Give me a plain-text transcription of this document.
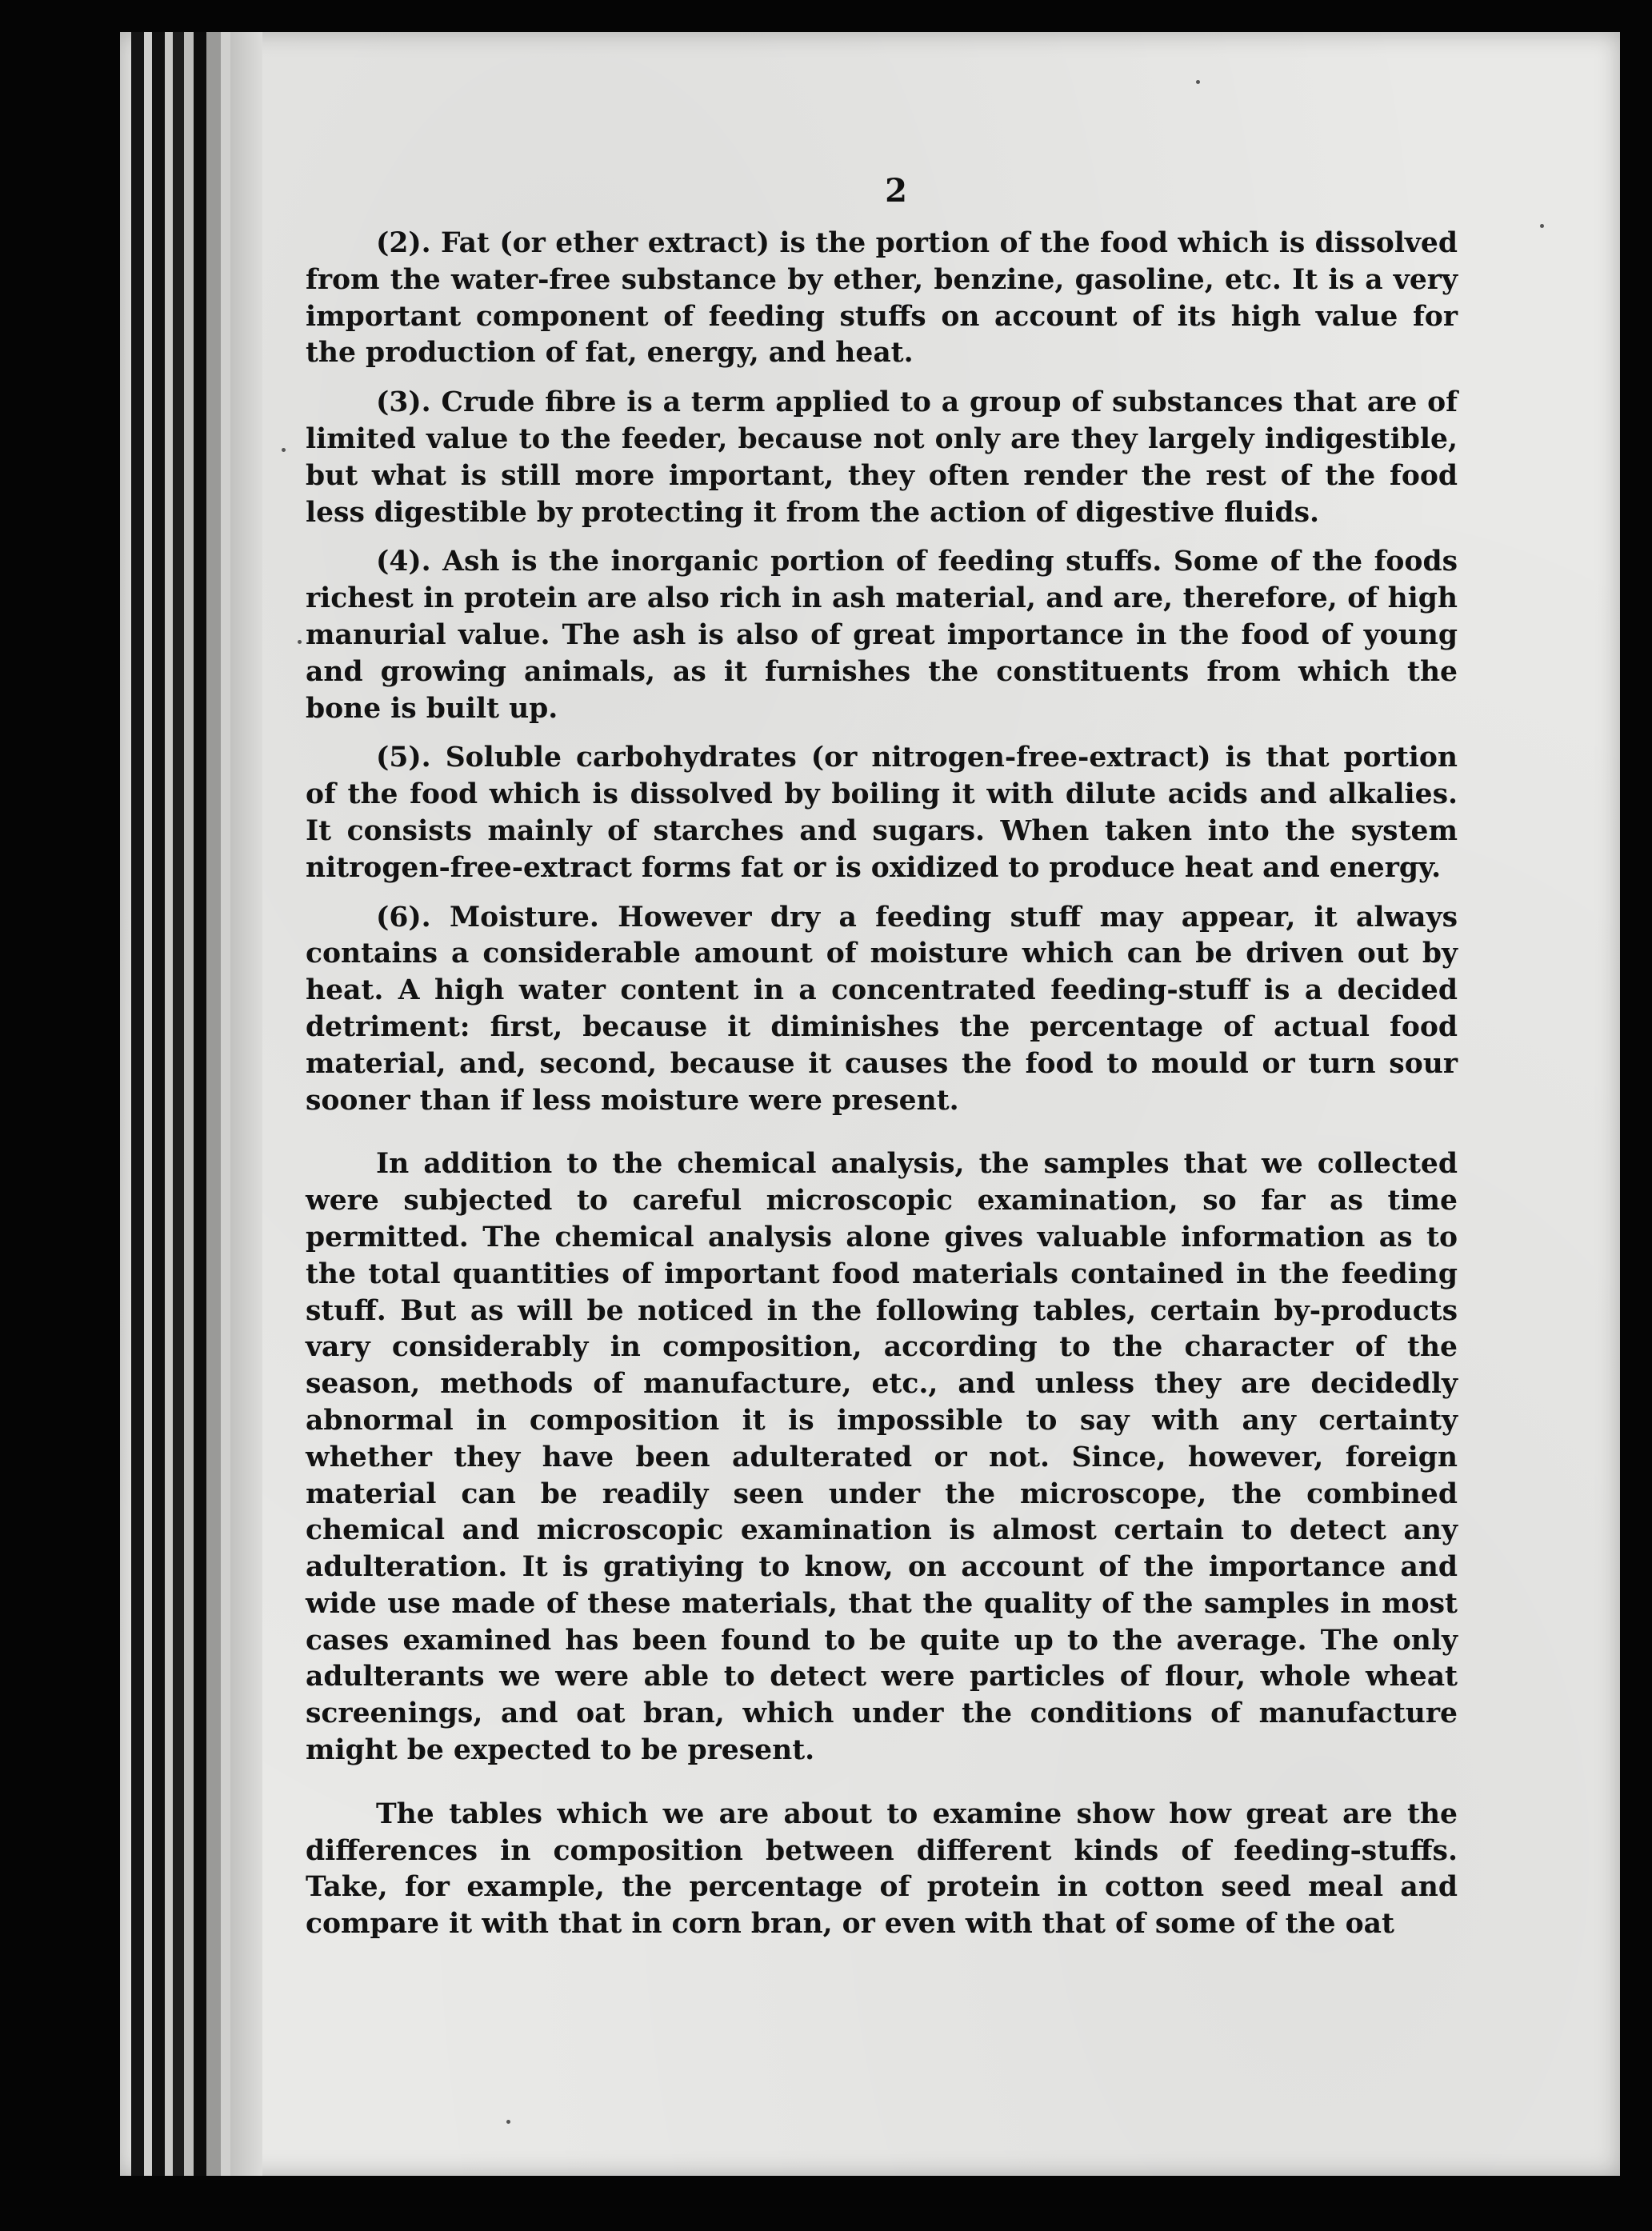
2

(2). Fat (or ether extract) is the portion of the food which is dissolved from the water-free substance by ether, benzine, gasoline, etc. It is a very important component of feeding stuffs on account of its high value for the production of fat, energy, and heat.

(3). Crude fibre is a term applied to a group of substances that are of limited value to the feeder, because not only are they largely indigestible, but what is still more important, they often render the rest of the food less digestible by protecting it from the action of digestive fluids.

(4). Ash is the inorganic portion of feeding stuffs. Some of the foods richest in protein are also rich in ash material, and are, therefore, of high manurial value. The ash is also of great importance in the food of young and growing animals, as it furnishes the constituents from which the bone is built up.

(5). Soluble carbohydrates (or nitrogen-free-extract) is that portion of the food which is dissolved by boiling it with dilute acids and alkalies. It consists mainly of starches and sugars. When taken into the system nitrogen-free-extract forms fat or is oxidized to produce heat and energy.

(6). Moisture. However dry a feeding stuff may appear, it always contains a considerable amount of moisture which can be driven out by heat. A high water content in a concentrated feeding-stuff is a decided detriment: first, because it diminishes the percentage of actual food material, and, second, because it causes the food to mould or turn sour sooner than if less moisture were present.

In addition to the chemical analysis, the samples that we collected were subjected to careful microscopic examination, so far as time permitted. The chemical analysis alone gives valuable information as to the total quantities of important food materials contained in the feeding stuff. But as will be noticed in the following tables, certain by-products vary considerably in composition, according to the character of the season, methods of manufacture, etc., and unless they are decidedly abnormal in composition it is impossible to say with any certainty whether they have been adulterated or not. Since, however, foreign material can be readily seen under the microscope, the combined chemical and microscopic examination is almost certain to detect any adulteration. It is gratiying to know, on account of the importance and wide use made of these materials, that the quality of the samples in most cases examined has been found to be quite up to the average. The only adulterants we were able to detect were particles of flour, whole wheat screenings, and oat bran, which under the conditions of manufacture might be expected to be present.

The tables which we are about to examine show how great are the differences in composition between different kinds of feeding-stuffs. Take, for example, the percentage of protein in cotton seed meal and compare it with that in corn bran, or even with that of some of the oat
